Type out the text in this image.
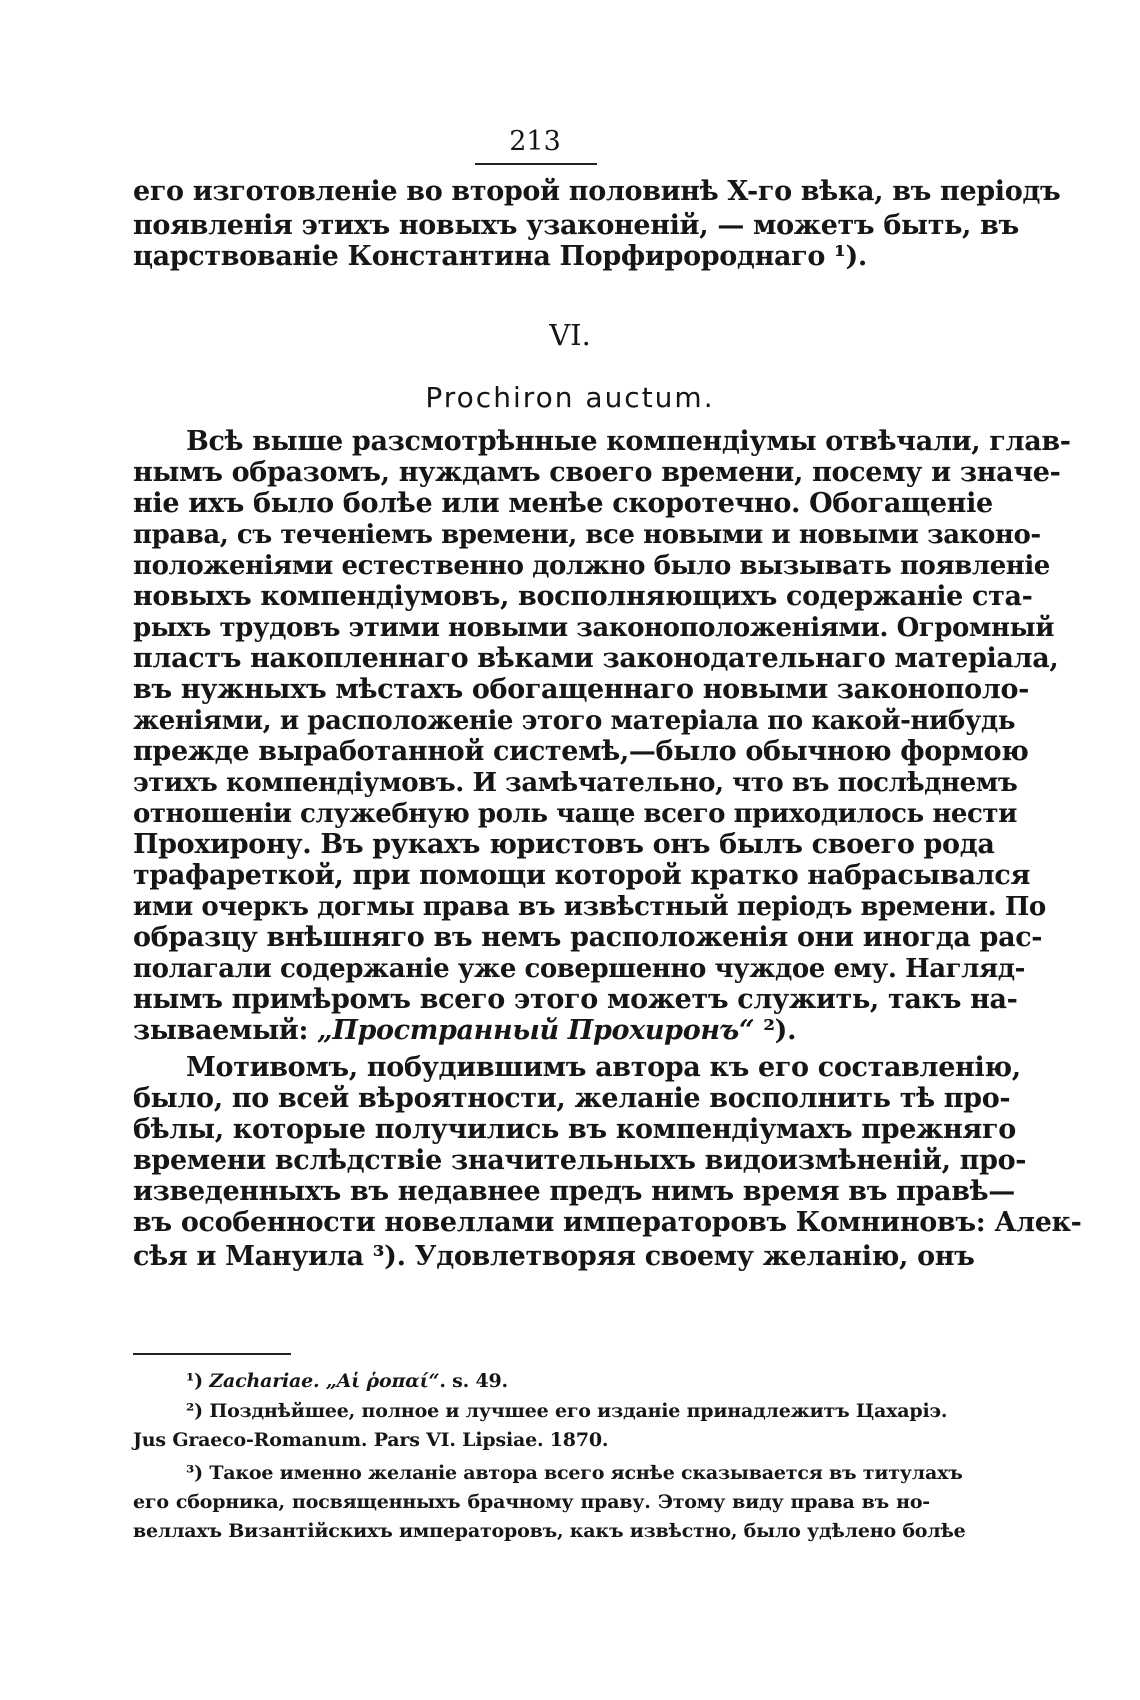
213
его изготовленіе во второй половинѣ X-го вѣка, въ періодъ
появленія этихъ новыхъ узаконеній, — можетъ быть, въ
царствованіе Константина Порфиророднаго ¹).
VI.
Prochiron auctum.
Всѣ выше разсмотрѣнные компендіумы отвѣчали, глав-
нымъ образомъ, нуждамъ своего времени, посему и значе-
ніе ихъ было болѣе или менѣе скоротечно. Обогащеніе
права, съ теченіемъ времени, все новыми и новыми законо-
положеніями естественно должно было вызывать появленіе
новыхъ компендіумовъ, восполняющихъ содержаніе ста-
рыхъ трудовъ этими новыми законоположеніями. Огромный
пластъ накопленнаго вѣками законодательнаго матеріала,
въ нужныхъ мѣстахъ обогащеннаго новыми законополо-
женіями, и расположеніе этого матеріала по какой-нибудь
прежде выработанной системѣ,—было обычною формою
этихъ компендіумовъ. И замѣчательно, что въ послѣднемъ
отношеніи служебную роль чаще всего приходилось нести
Прохирону. Въ рукахъ юристовъ онъ былъ своего рода
трафареткой, при помощи которой кратко набрасывался
ими очеркъ догмы права въ извѣстный періодъ времени. По
образцу внѣшняго въ немъ расположенія они иногда рас-
полагали содержаніе уже совершенно чуждое ему. Нагляд-
нымъ примѣромъ всего этого можетъ служить, такъ на-
зываемый: „Пространный Прохиронъ“ ²).
Мотивомъ, побудившимъ автора къ его составленію,
было, по всей вѣроятности, желаніе восполнить тѣ про-
бѣлы, которые получились въ компендіумахъ прежняго
времени вслѣдствіе значительныхъ видоизмѣненій, про-
изведенныхъ въ недавнее предъ нимъ время въ правѣ—
въ особенности новеллами императоровъ Комниновъ: Алек-
сѣя и Мануила ³). Удовлетворяя своему желанію, онъ
¹) Zachariae. „Αἱ ῥοπαί“. s. 49.
²) Позднѣйшее, полное и лучшее его изданіе принадлежитъ Цахаріэ.
Jus Graeco-Romanum. Pars VI. Lipsiae. 1870.
³) Такое именно желаніе автора всего яснѣе сказывается въ титулахъ
его сборника, посвященныхъ брачному праву. Этому виду права въ но-
веллахъ Византійскихъ императоровъ, какъ извѣстно, было удѣлено болѣе
